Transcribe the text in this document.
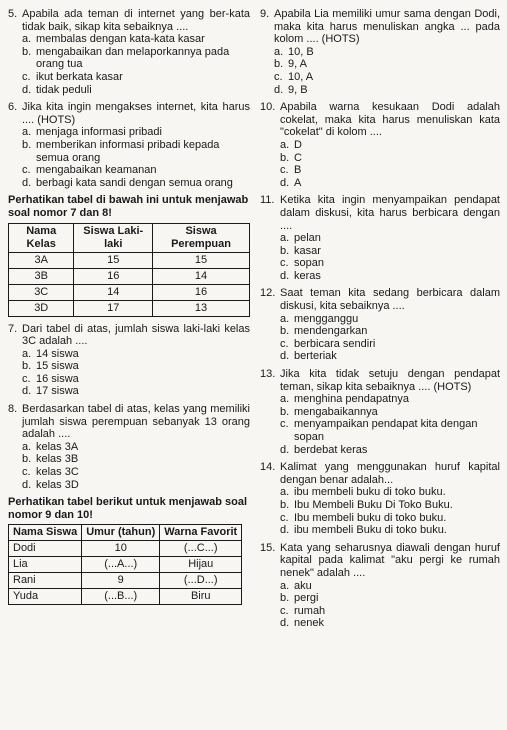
5. Apabila ada teman di internet yang ber-kata tidak baik, sikap kita sebaiknya ....
a. membalas dengan kata-kata kasar
b. mengabaikan dan melaporkannya pada orang tua
c. ikut berkata kasar
d. tidak peduli
6. Jika kita ingin mengakses internet, kita harus .... (HOTS)
a. menjaga informasi pribadi
b. memberikan informasi pribadi kepada semua orang
c. mengabaikan keamanan
d. berbagi kata sandi dengan semua orang
Perhatikan tabel di bawah ini untuk menjawab soal nomor 7 dan 8!
Nama Kelas	Siswa Laki-laki	Siswa Perempuan
3A	15	15
3B	16	14
3C	14	16
3D	17	13
7. Dari tabel di atas, jumlah siswa laki-laki kelas 3C adalah ....
a. 14 siswa
b. 15 siswa
c. 16 siswa
d. 17 siswa
8. Berdasarkan tabel di atas, kelas yang memiliki jumlah siswa perempuan sebanyak 13 orang adalah ....
a. kelas 3A
b. kelas 3B
c. kelas 3C
d. kelas 3D
Perhatikan tabel berikut untuk menjawab soal nomor 9 dan 10!
Nama Siswa	Umur (tahun)	Warna Favorit
Dodi	10	(...C...)
Lia	(...A...)	Hijau
Rani	9	(...D...)
Yuda	(...B...)	Biru
9. Apabila Lia memiliki umur sama dengan Dodi, maka kita harus menuliskan angka ... pada kolom .... (HOTS)
a. 10, B
b. 9, A
c. 10, A
d. 9, B
10. Apabila warna kesukaan Dodi adalah cokelat, maka kita harus menuliskan kata "cokelat" di kolom ....
a. D
b. C
c. B
d. A
11. Ketika kita ingin menyampaikan pendapat dalam diskusi, kita harus berbicara dengan ....
a. pelan
b. kasar
c. sopan
d. keras
12. Saat teman kita sedang berbicara dalam diskusi, kita sebaiknya ....
a. mengganggu
b. mendengarkan
c. berbicara sendiri
d. berteriak
13. Jika kita tidak setuju dengan pendapat teman, sikap kita sebaiknya .... (HOTS)
a. menghina pendapatnya
b. mengabaikannya
c. menyampaikan pendapat kita dengan sopan
d. berdebat keras
14. Kalimat yang menggunakan huruf kapital dengan benar adalah...
a. ibu membeli buku di toko buku.
b. Ibu Membeli Buku Di Toko Buku.
c. Ibu membeli buku di toko buku.
d. ibu membeli Buku di toko buku.
15. Kata yang seharusnya diawali dengan huruf kapital pada kalimat "aku pergi ke rumah nenek" adalah ....
a. aku
b. pergi
c. rumah
d. nenek
